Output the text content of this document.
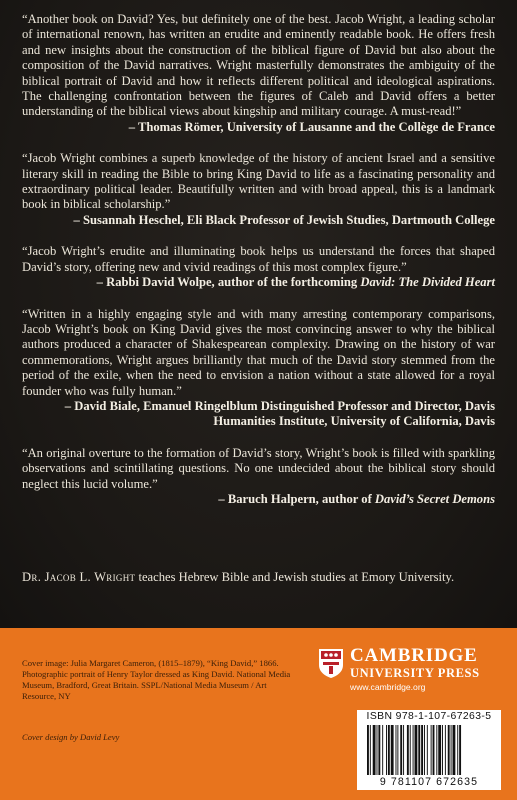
“Another book on David? Yes, but definitely one of the best. Jacob Wright, a leading scholar of international renown, has written an erudite and eminently readable book. He offers fresh and new insights about the construction of the biblical figure of David but also about the composition of the David narratives. Wright masterfully demonstrates the ambiguity of the biblical portrait of David and how it reflects different political and ideological aspirations. The challenging confrontation between the figures of Caleb and David offers a better understanding of the biblical views about kingship and military courage. A must-read!”

– Thomas Römer, University of Lausanne and the Collège de France

“Jacob Wright combines a superb knowledge of the history of ancient Israel and a sensitive literary skill in reading the Bible to bring King David to life as a fascinating personality and extraordinary political leader. Beautifully written and with broad appeal, this is a landmark book in biblical scholarship.”

– Susannah Heschel, Eli Black Professor of Jewish Studies, Dartmouth College

“Jacob Wright’s erudite and illuminating book helps us understand the forces that shaped David’s story, offering new and vivid readings of this most complex figure.”

– Rabbi David Wolpe, author of the forthcoming David: The Divided Heart

“Written in a highly engaging style and with many arresting contemporary comparisons, Jacob Wright’s book on King David gives the most convincing answer to why the biblical authors produced a character of Shakespearean complexity. Drawing on the history of war commemorations, Wright argues brilliantly that much of the David story stemmed from the period of the exile, when the need to envision a nation without a state allowed for a royal founder who was fully human.”

– David Biale, Emanuel Ringelblum Distinguished Professor and Director, Davis Humanities Institute, University of California, Davis

“An original overture to the formation of David’s story, Wright’s book is filled with sparkling observations and scintillating questions. No one undecided about the biblical story should neglect this lucid volume.”

– Baruch Halpern, author of David’s Secret Demons

Dr. Jacob L. Wright teaches Hebrew Bible and Jewish studies at Emory University.

Cover image: Julia Margaret Cameron, (1815–1879), “King David,” 1866. Photographic portrait of Henry Taylor dressed as King David. National Media Museum, Bradford, Great Britain. SSPL/National Media Museum / Art Resource, NY

Cover design by David Levy
CAMBRIDGE
UNIVERSITY PRESS
www.cambridge.org
ISBN 978-1-107-67263-5
9 781107 672635
